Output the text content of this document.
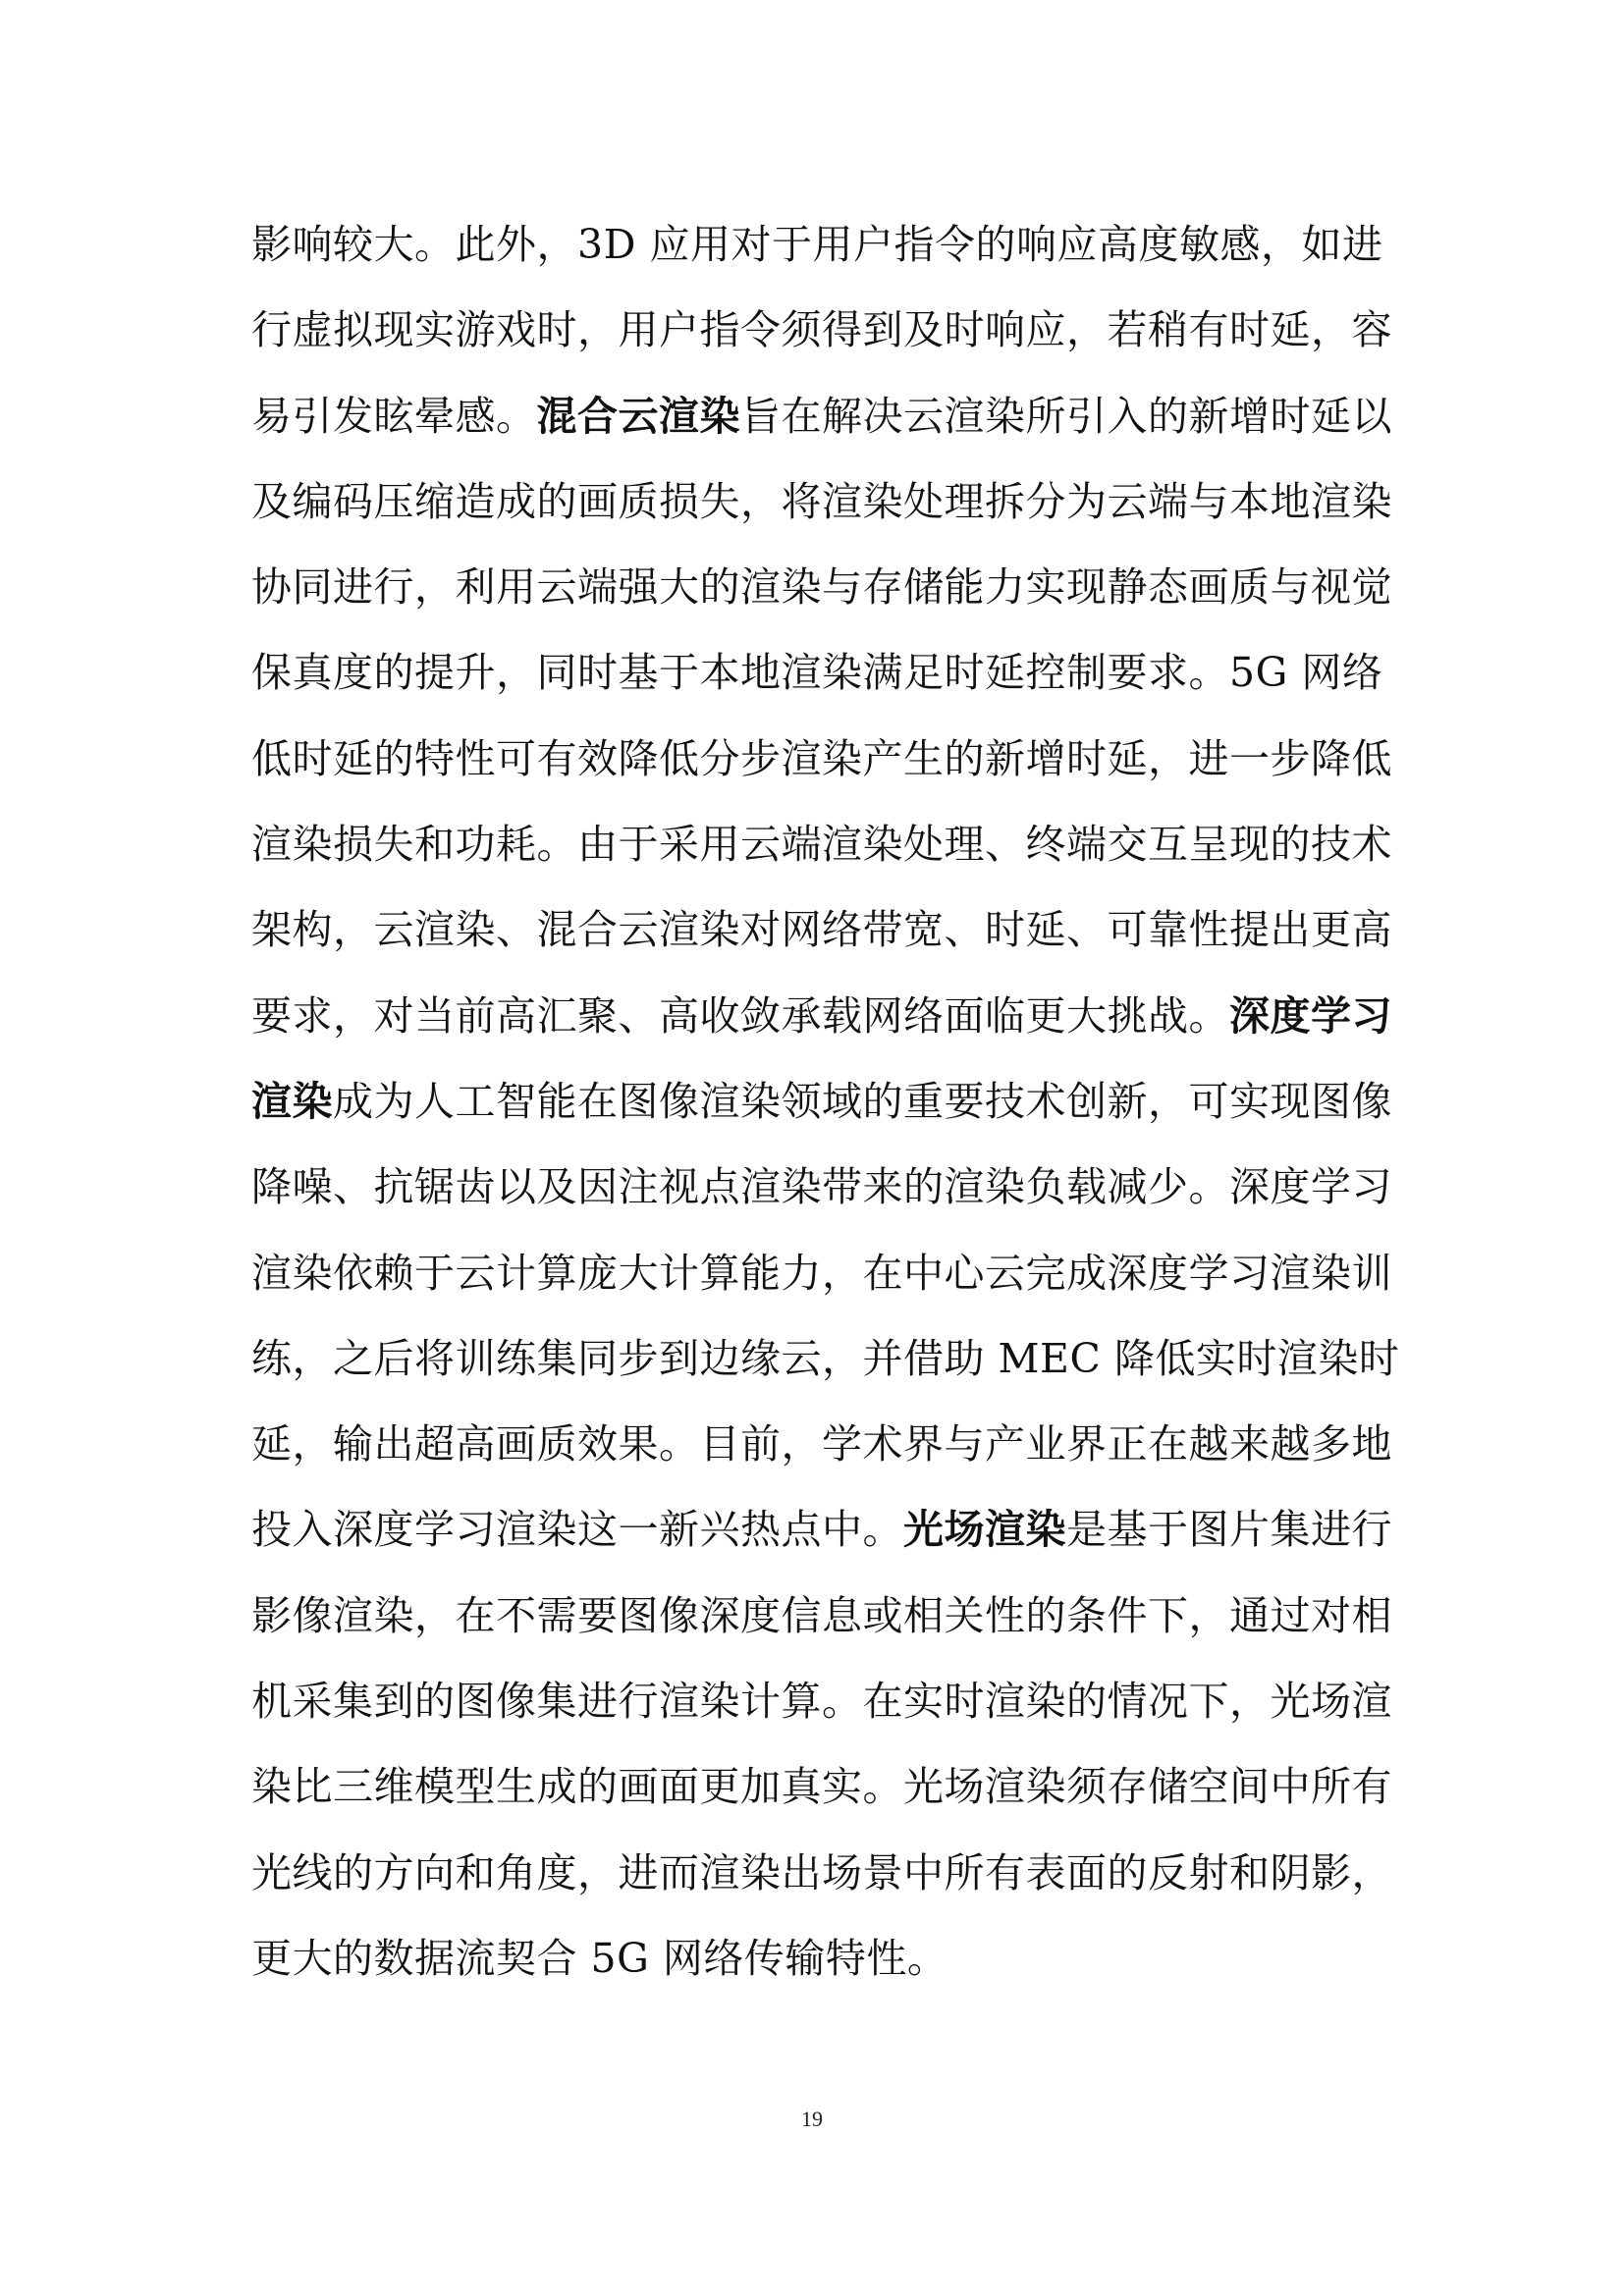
影响较大。此外，3D 应用对于用户指令的响应高度敏感，如进
行虚拟现实游戏时，用户指令须得到及时响应，若稍有时延，容
易引发眩晕感。混合云渲染旨在解决云渲染所引入的新增时延以
及编码压缩造成的画质损失，将渲染处理拆分为云端与本地渲染
协同进行，利用云端强大的渲染与存储能力实现静态画质与视觉
保真度的提升，同时基于本地渲染满足时延控制要求。5G 网络
低时延的特性可有效降低分步渲染产生的新增时延，进一步降低
渲染损失和功耗。由于采用云端渲染处理、终端交互呈现的技术
架构，云渲染、混合云渲染对网络带宽、时延、可靠性提出更高
要求，对当前高汇聚、高收敛承载网络面临更大挑战。深度学习
渲染成为人工智能在图像渲染领域的重要技术创新，可实现图像
降噪、抗锯齿以及因注视点渲染带来的渲染负载减少。深度学习
渲染依赖于云计算庞大计算能力，在中心云完成深度学习渲染训
练，之后将训练集同步到边缘云，并借助 MEC 降低实时渲染时
延，输出超高画质效果。目前，学术界与产业界正在越来越多地
投入深度学习渲染这一新兴热点中。光场渲染是基于图片集进行
影像渲染，在不需要图像深度信息或相关性的条件下，通过对相
机采集到的图像集进行渲染计算。在实时渲染的情况下，光场渲
染比三维模型生成的画面更加真实。光场渲染须存储空间中所有
光线的方向和角度，进而渲染出场景中所有表面的反射和阴影，
更大的数据流契合 5G 网络传输特性。
19
